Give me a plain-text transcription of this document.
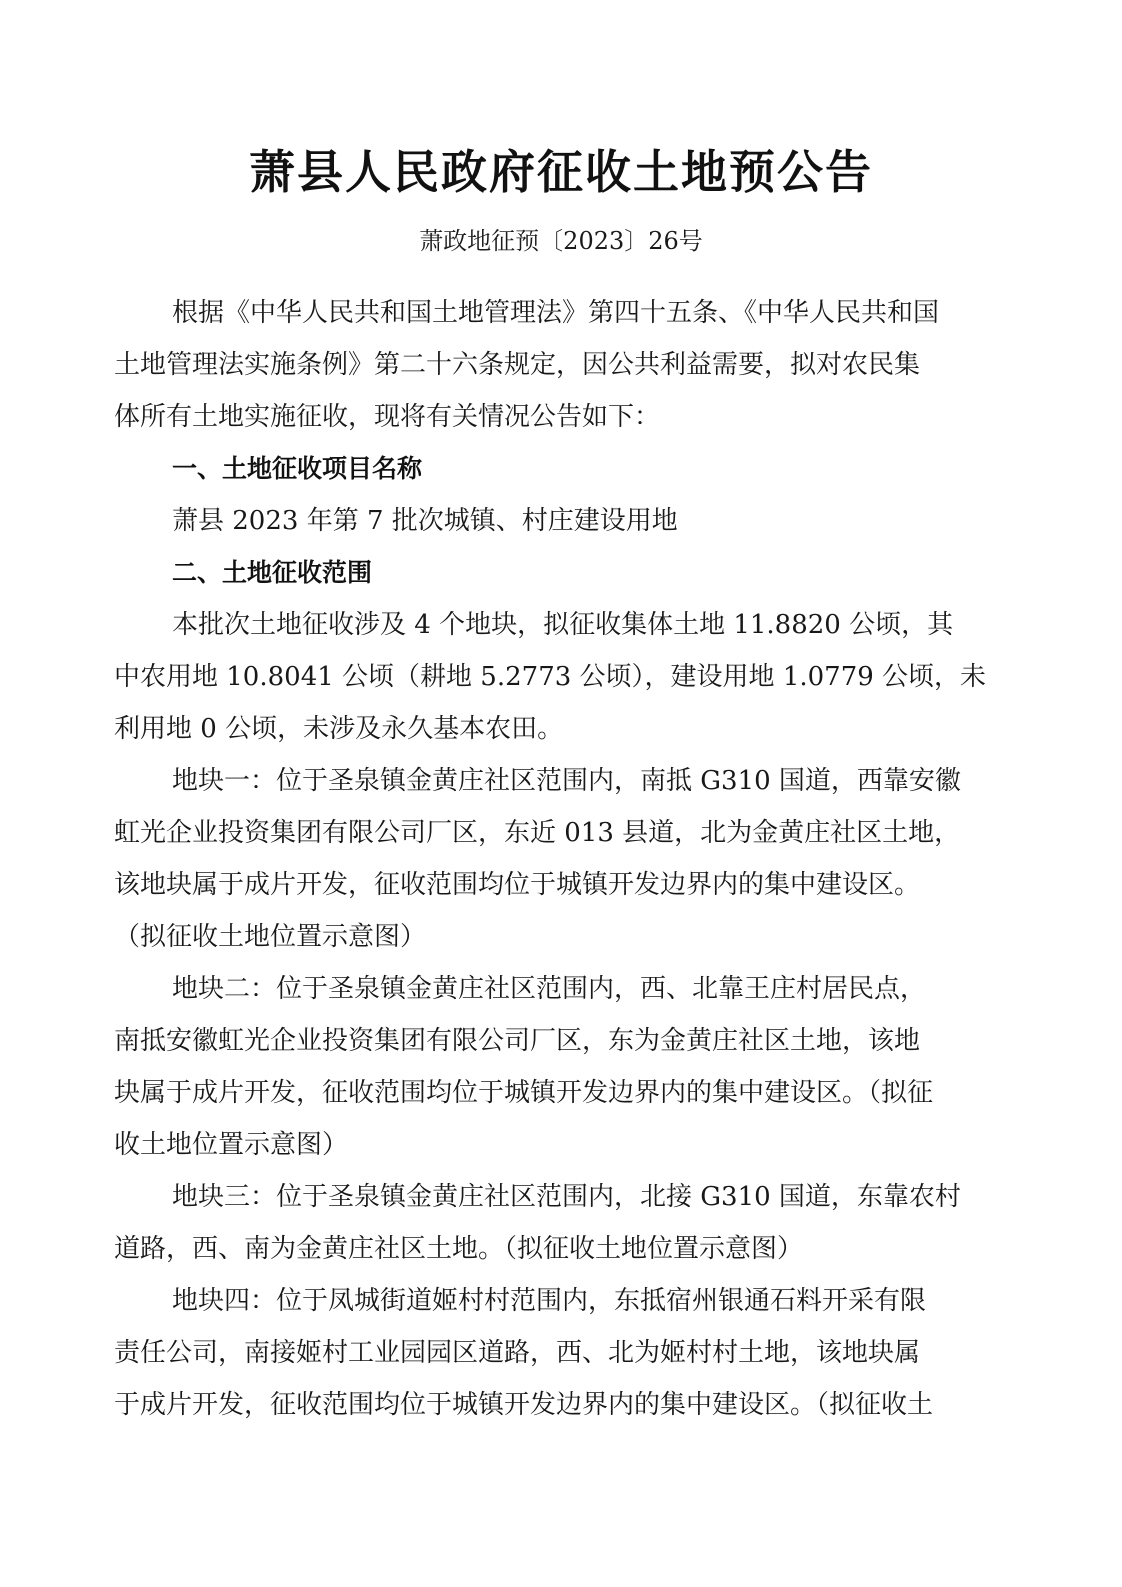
萧县人民政府征收土地预公告
萧政地征预〔2023〕26号
根据《中华人民共和国土地管理法》第四十五条、《中华人民共和国
土地管理法实施条例》第二十六条规定，因公共利益需要，拟对农民集
体所有土地实施征收，现将有关情况公告如下：
一、土地征收项目名称
萧县 2023 年第 7 批次城镇、村庄建设用地
二、土地征收范围
本批次土地征收涉及 4 个地块，拟征收集体土地 11.8820 公顷，其
中农用地 10.8041 公顷（耕地 5.2773 公顷），建设用地 1.0779 公顷，未
利用地 0 公顷，未涉及永久基本农田。
地块一：位于圣泉镇金黄庄社区范围内，南抵 G310 国道，西靠安徽
虹光企业投资集团有限公司厂区，东近 013 县道，北为金黄庄社区土地，
该地块属于成片开发，征收范围均位于城镇开发边界内的集中建设区。
（拟征收土地位置示意图）
地块二：位于圣泉镇金黄庄社区范围内，西、北靠王庄村居民点，
南抵安徽虹光企业投资集团有限公司厂区，东为金黄庄社区土地，该地
块属于成片开发，征收范围均位于城镇开发边界内的集中建设区。（拟征
收土地位置示意图）
地块三：位于圣泉镇金黄庄社区范围内，北接 G310 国道，东靠农村
道路，西、南为金黄庄社区土地。（拟征收土地位置示意图）
地块四：位于凤城街道姬村村范围内，东抵宿州银通石料开采有限
责任公司，南接姬村工业园园区道路，西、北为姬村村土地，该地块属
于成片开发，征收范围均位于城镇开发边界内的集中建设区。（拟征收土
